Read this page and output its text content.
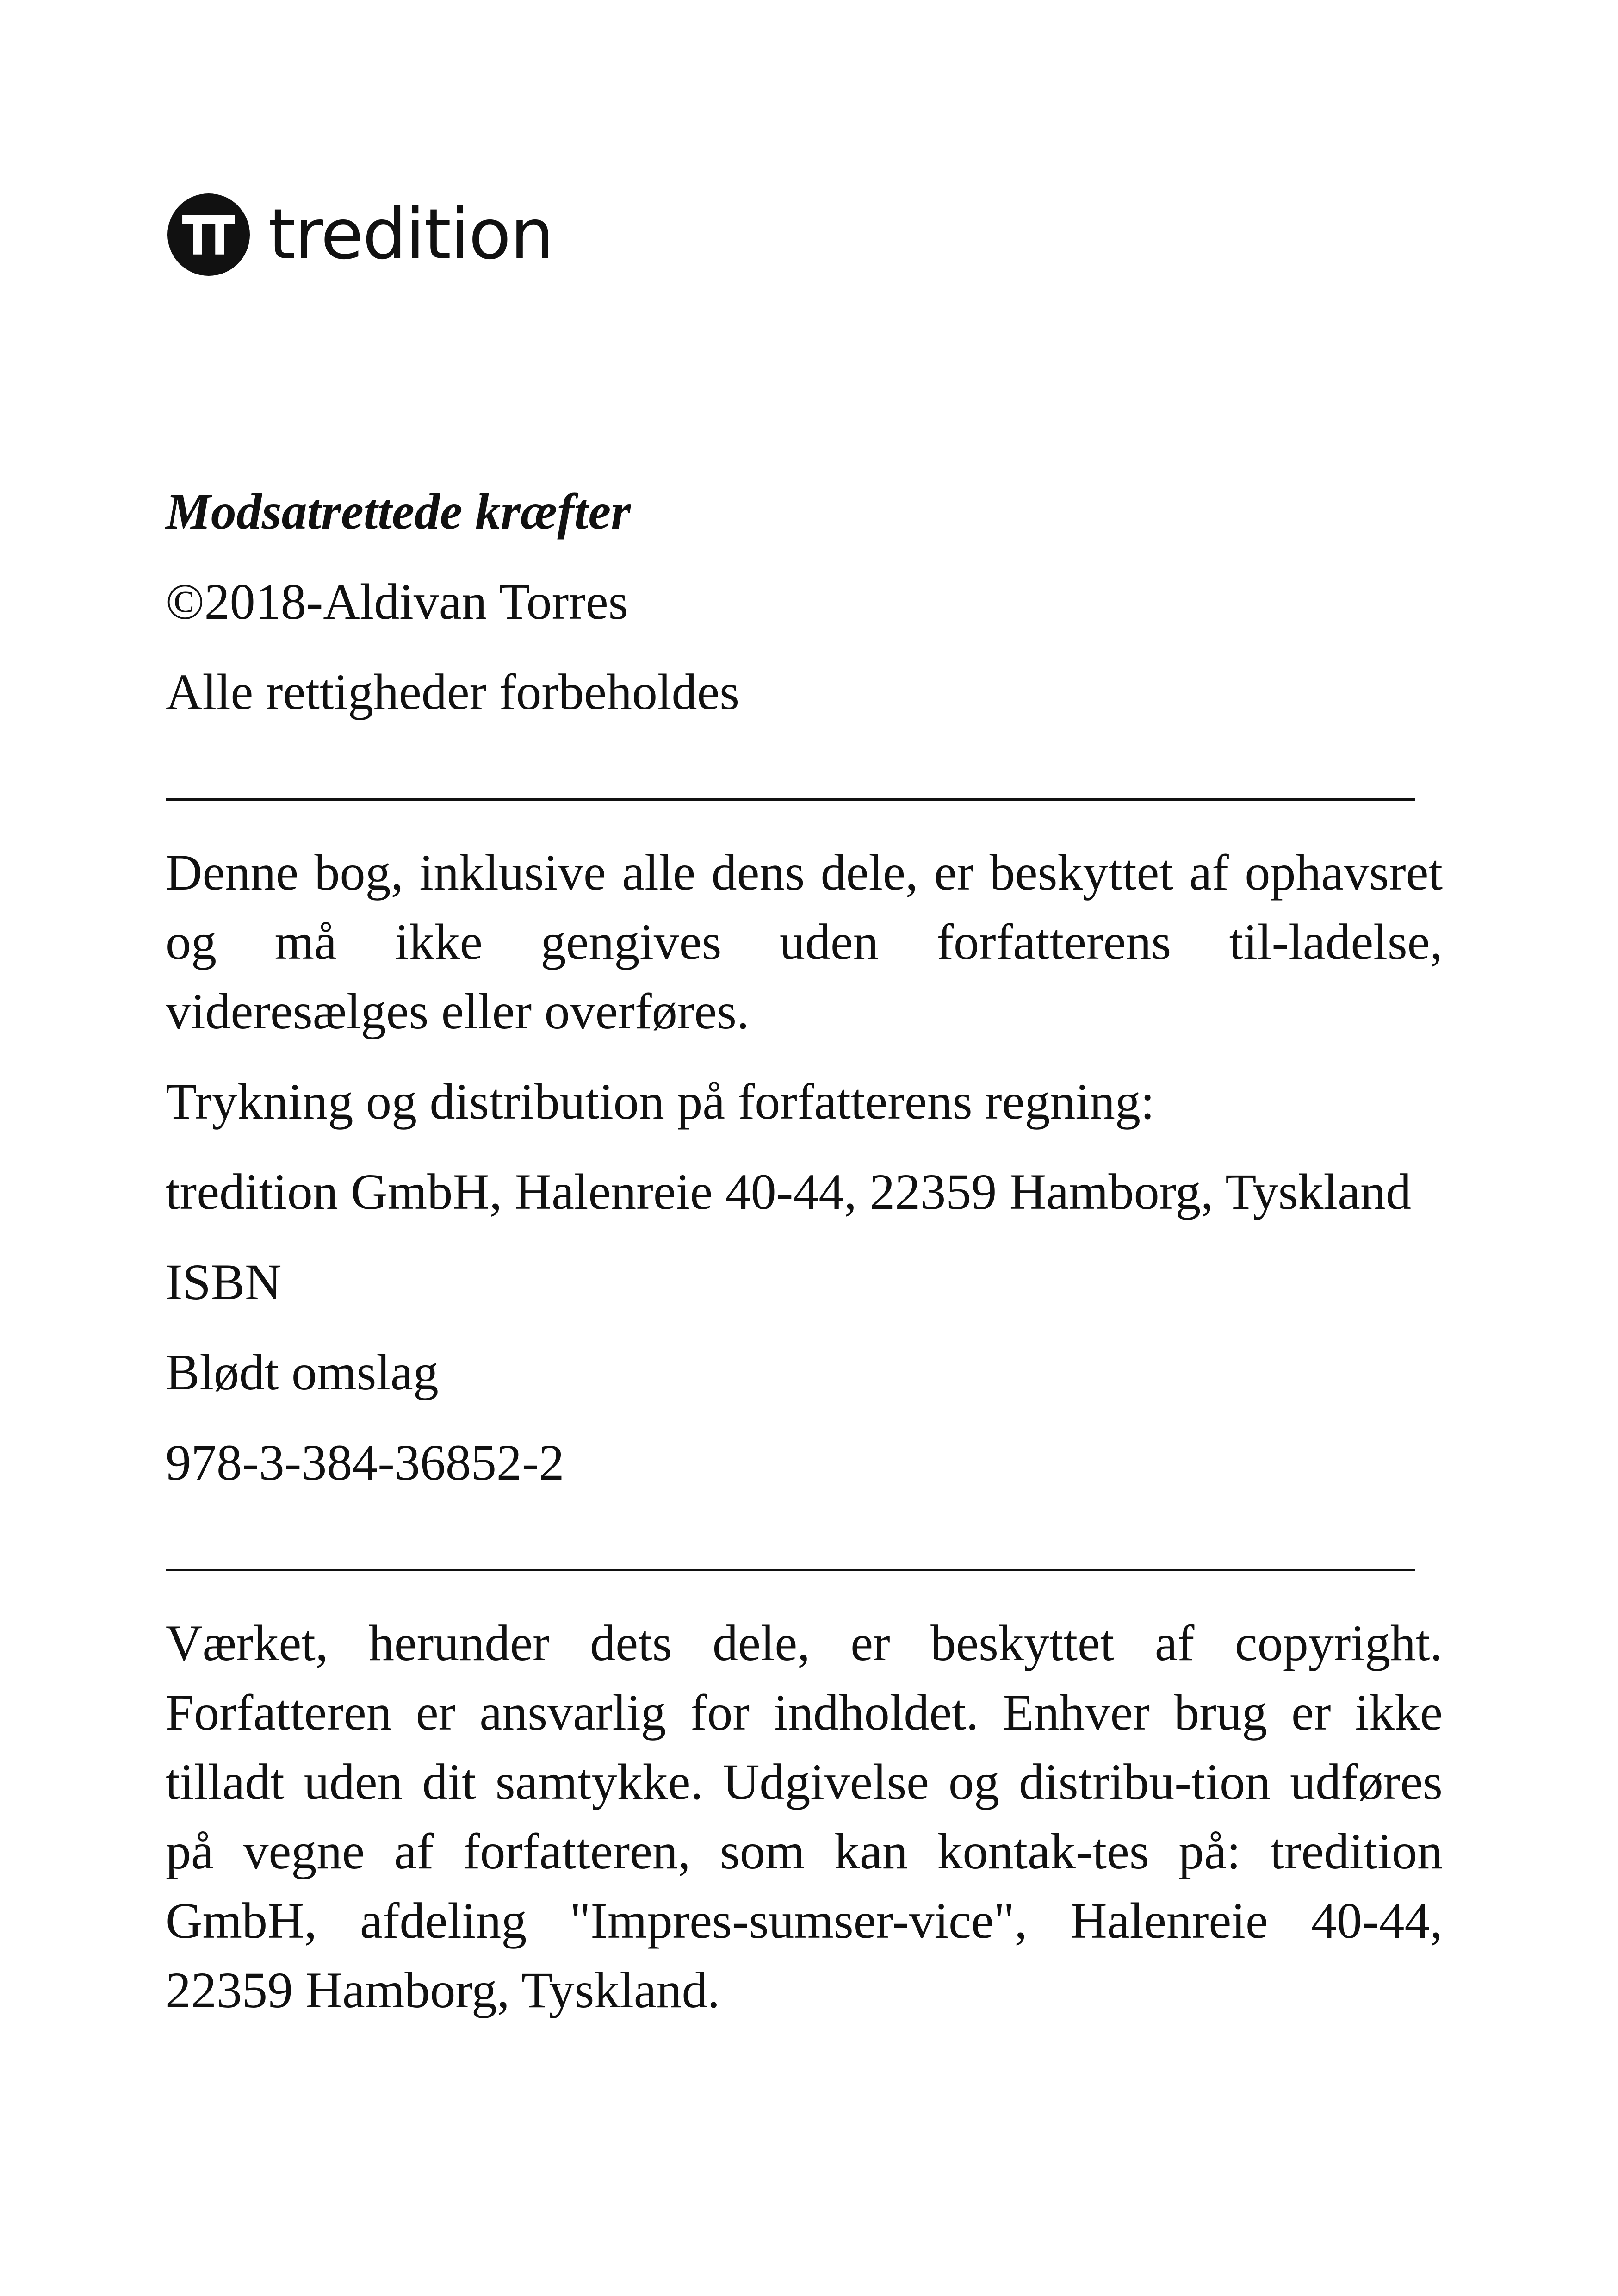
tredition

Modsatrettede kræfter

©2018-Aldivan Torres

Alle rettigheder forbeholdes

Denne bog, inklusive alle dens dele, er beskyttet af ophavsret og må ikke gengives uden forfatterens til-ladelse, videresælges eller overføres.

Trykning og distribution på forfatterens regning:

tredition GmbH, Halenreie 40-44, 22359 Hamborg, Tyskland

ISBN

Blødt omslag

978-3-384-36852-2

Værket, herunder dets dele, er beskyttet af copyright. Forfatteren er ansvarlig for indholdet. Enhver brug er ikke tilladt uden dit samtykke. Udgivelse og distribu-tion udføres på vegne af forfatteren, som kan kontak-tes på: tredition GmbH, afdeling "Impres-sumser-vice", Halenreie 40-44, 22359 Hamborg, Tyskland.
